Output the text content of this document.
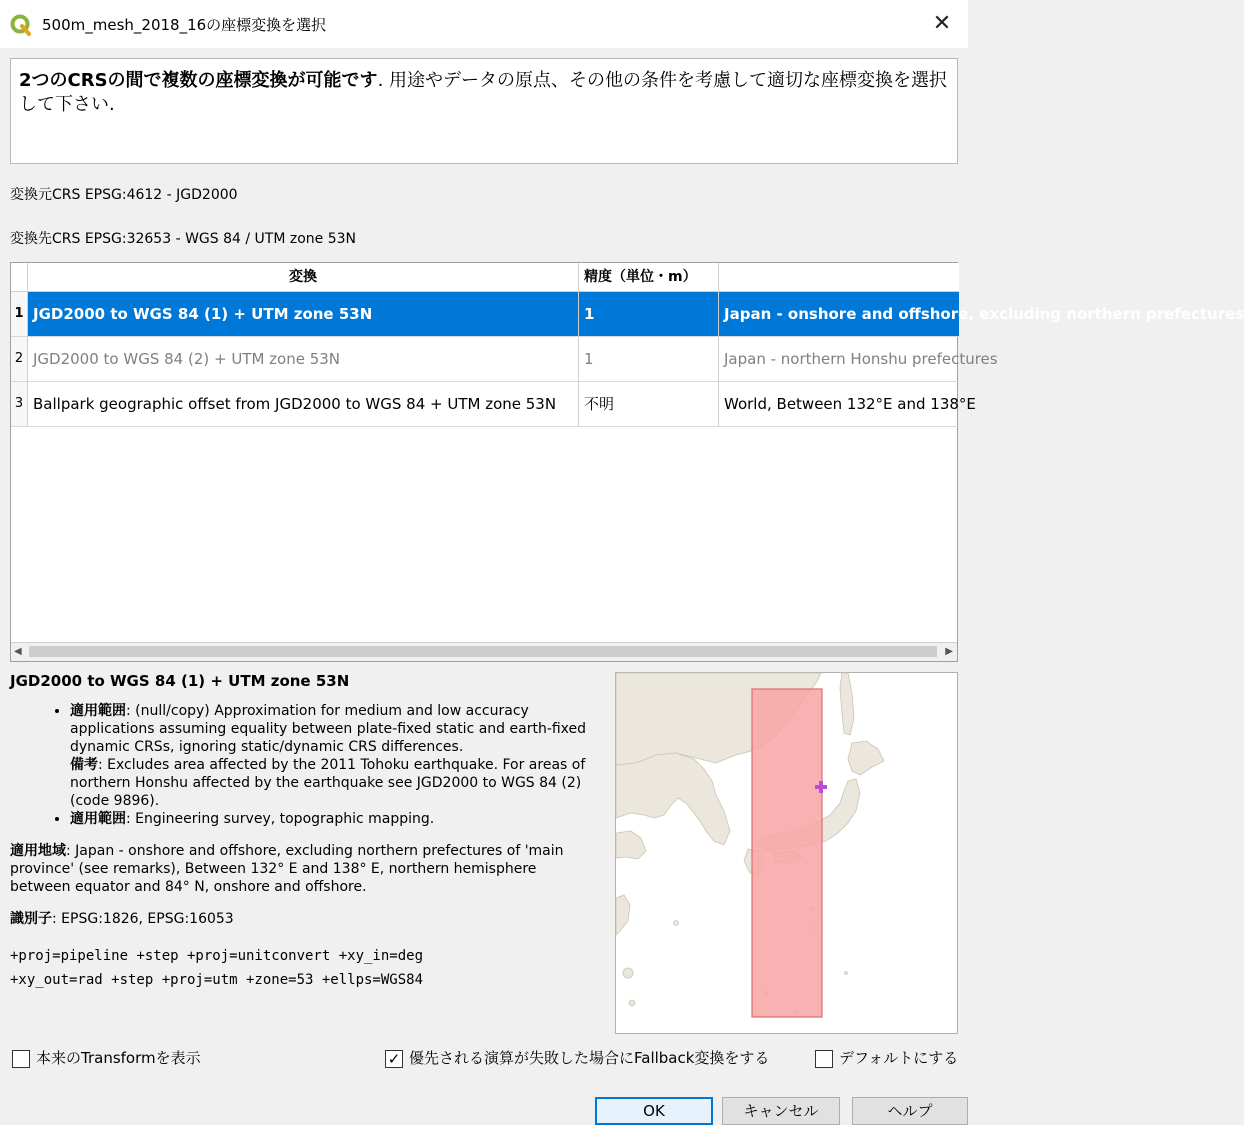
500m_mesh_2018_16の座標変換を選択	✕
2つのCRSの間で複数の座標変換が可能です. 用途やデータの原点、その他の条件を考慮して適切な座標変換を選択して下さい.
変換元CRS EPSG:4612 - JGD2000
変換先CRS EPSG:32653 - WGS 84 / UTM zone 53N
変換	精度（単位・m）
1 JGD2000 to WGS 84 (1) + UTM zone 53N	1	Japan - onshore and offshore, excluding northern prefectures
2 JGD2000 to WGS 84 (2) + UTM zone 53N	1	Japan - northern Honshu prefectures
3 Ballpark geographic offset from JGD2000 to WGS 84 + UTM zone 53N	不明	World, Between 132°E and 138°E
◀	▶
JGD2000 to WGS 84 (1) + UTM zone 53N
• 適用範囲: (null/copy) Approximation for medium and low accuracy applications assuming equality between plate-fixed static and earth-fixed dynamic CRSs, ignoring static/dynamic CRS differences.
備考: Excludes area affected by the 2011 Tohoku earthquake. For areas of northern Honshu affected by the earthquake see JGD2000 to WGS 84 (2) (code 9896).
• 適用範囲: Engineering survey, topographic mapping.
適用地域: Japan - onshore and offshore, excluding northern prefectures of 'main province' (see remarks), Between 132° E and 138° E, northern hemisphere between equator and 84° N, onshore and offshore.
識別子: EPSG:1826, EPSG:16053
+proj=pipeline +step +proj=unitconvert +xy_in=deg
+xy_out=rad +step +proj=utm +zone=53 +ellps=WGS84
本来のTransformを表示	✓ 優先される演算が失敗した場合にFallback変換をする	デフォルトにする
OK	キャンセル	ヘルプ
